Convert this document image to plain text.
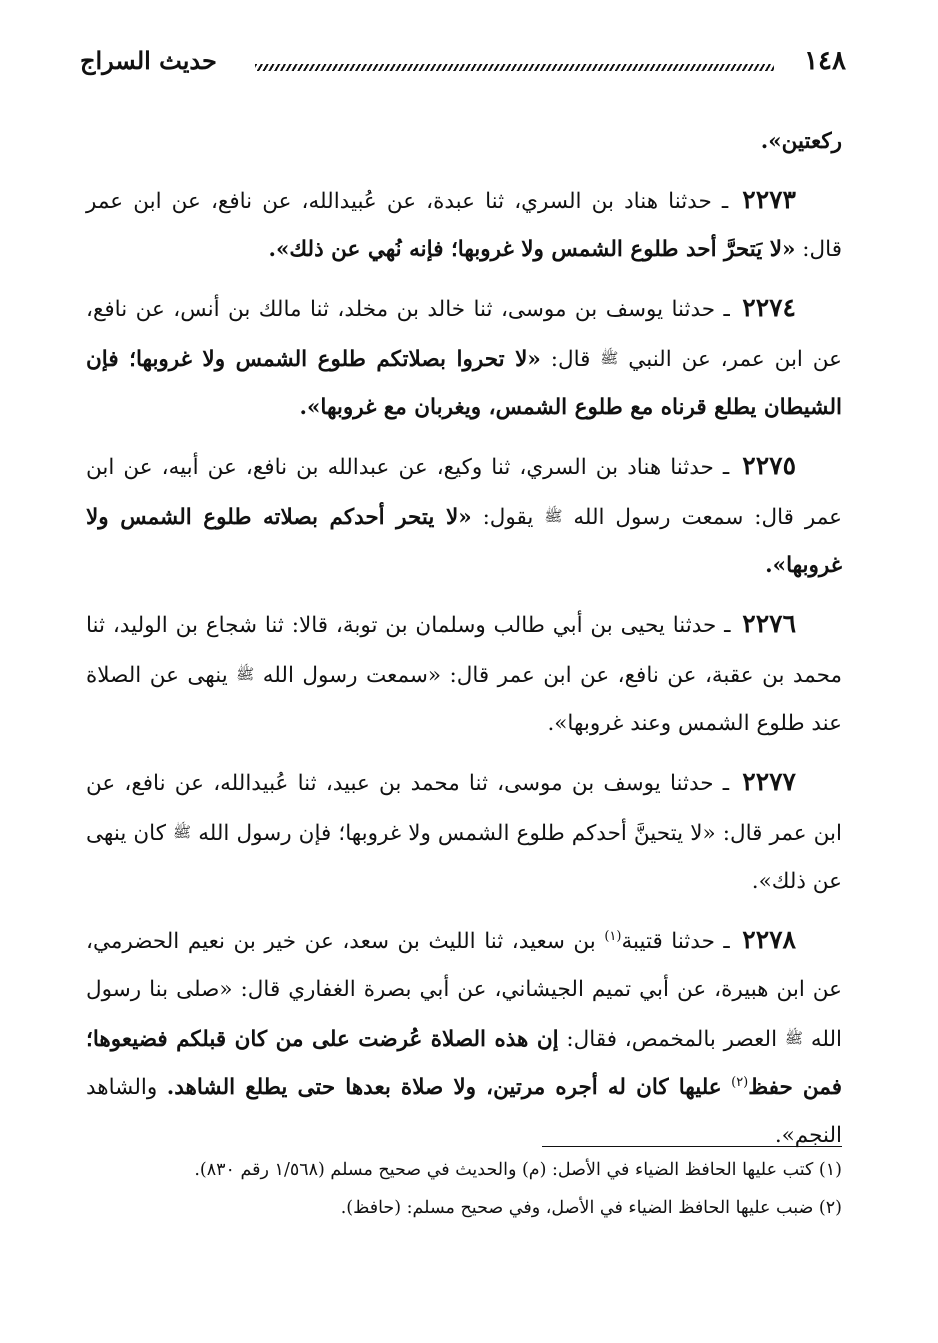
١٤٨
حديث السراج

ركعتين».

٢٢٧٣ ـ حدثنا هناد بن السري، ثنا عبدة، عن عُبيدالله، عن نافع، عن ابن عمر قال: «لا يَتحرَّ أحد طلوع الشمس ولا غروبها؛ فإنه نُهي عن ذلك».

٢٢٧٤ ـ حدثنا يوسف بن موسى، ثنا خالد بن مخلد، ثنا مالك بن أنس، عن نافع، عن ابن عمر، عن النبي ﷺ قال: «لا تحروا بصلاتكم طلوع الشمس ولا غروبها؛ فإن الشيطان يطلع قرناه مع طلوع الشمس، ويغربان مع غروبها».

٢٢٧٥ ـ حدثنا هناد بن السري، ثنا وكيع، عن عبدالله بن نافع، عن أبيه، عن ابن عمر قال: سمعت رسول الله ﷺ يقول: «لا يتحر أحدكم بصلاته طلوع الشمس ولا غروبها».

٢٢٧٦ ـ حدثنا يحيى بن أبي طالب وسلمان بن توبة، قالا: ثنا شجاع بن الوليد، ثنا محمد بن عقبة، عن نافع، عن ابن عمر قال: «سمعت رسول الله ﷺ ينهى عن الصلاة عند طلوع الشمس وعند غروبها».

٢٢٧٧ ـ حدثنا يوسف بن موسى، ثنا محمد بن عبيد، ثنا عُبيدالله، عن نافع، عن ابن عمر قال: «لا يتحينَّ أحدكم طلوع الشمس ولا غروبها؛ فإن رسول الله ﷺ كان ينهى عن ذلك».

٢٢٧٨ ـ حدثنا قتيبة$^{(١)}$ بن سعيد، ثنا الليث بن سعد، عن خير بن نعيم الحضرمي، عن ابن هبيرة، عن أبي تميم الجيشاني، عن أبي بصرة الغفاري قال: «صلى بنا رسول الله ﷺ العصر بالمخمص، فقال: إن هذه الصلاة عُرضت على من كان قبلكم فضيعوها؛ فمن حفظ$^{(٢)}$ عليها كان له أجره مرتين، ولا صلاة بعدها حتى يطلع الشاهد. والشاهد النجم».

(١) كتب عليها الحافظ الضياء في الأصل: (م) والحديث في صحيح مسلم (١/٥٦٨ رقم ٨٣٠).

(٢) ضبب عليها الحافظ الضياء في الأصل، وفي صحيح مسلم: (حافظ).
